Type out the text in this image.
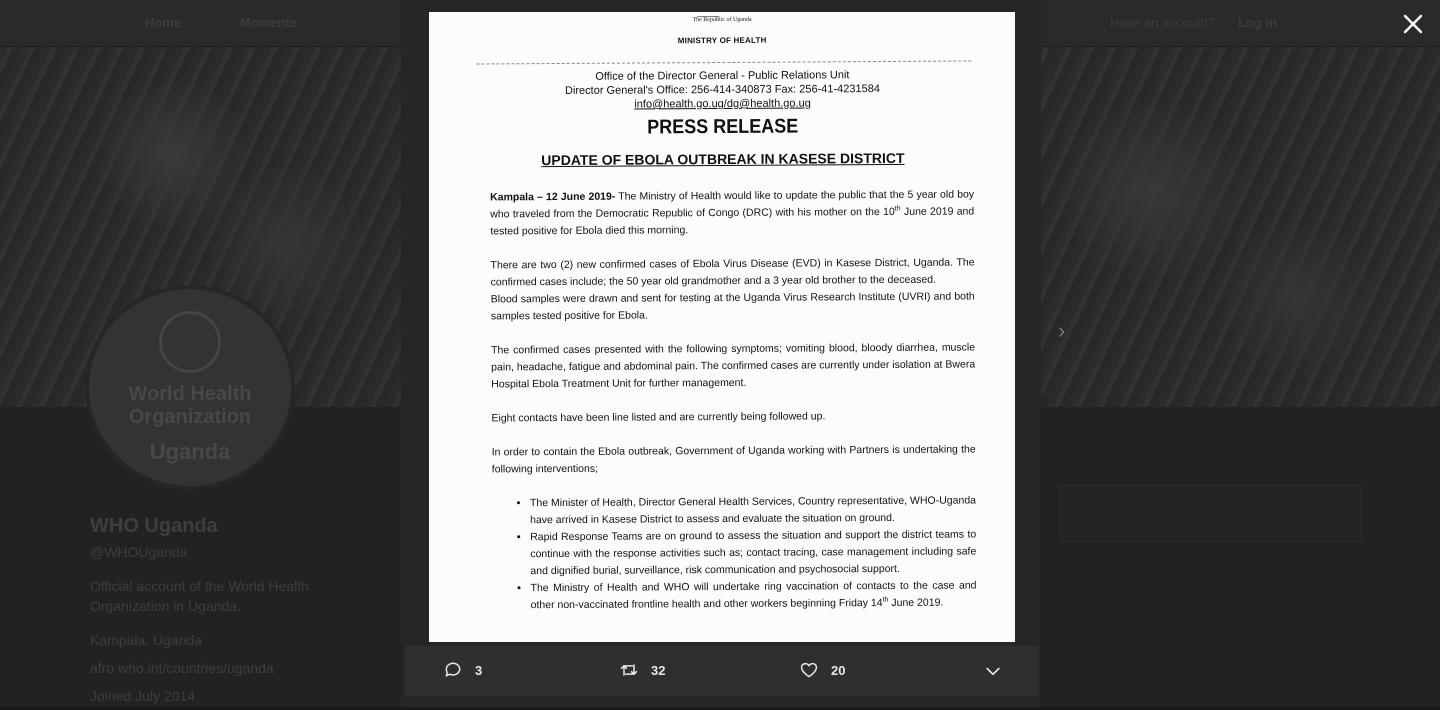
Home	Moments	Have an account? Log in
World Health Organization
Uganda
WHO Uganda
@WHOUganda
Official account of the World Health Organization in Uganda.
Kampala, Uganda
afro.who.int/countries/uganda
Joined July 2014
The Republic of Uganda
MINISTRY OF HEALTH
Office of the Director General - Public Relations Unit
Director General's Office: 256-414-340873 Fax: 256-41-4231584
info@health.go.ug/dg@health.go.ug
PRESS RELEASE
UPDATE OF EBOLA OUTBREAK IN KASESE DISTRICT

Kampala – 12 June 2019- The Ministry of Health would like to update the public that the 5 year old boy who traveled from the Democratic Republic of Congo (DRC) with his mother on the 10th June 2019 and tested positive for Ebola died this morning.

There are two (2) new confirmed cases of Ebola Virus Disease (EVD) in Kasese District, Uganda. The confirmed cases include; the 50 year old grandmother and a 3 year old brother to the deceased.

Blood samples were drawn and sent for testing at the Uganda Virus Research Institute (UVRI) and both samples tested positive for Ebola.

The confirmed cases presented with the following symptoms; vomiting blood, bloody diarrhea, muscle pain, headache, fatigue and abdominal pain. The confirmed cases are currently under isolation at Bwera Hospital Ebola Treatment Unit for further management.

Eight contacts have been line listed and are currently being followed up.

In order to contain the Ebola outbreak, Government of Uganda working with Partners is undertaking the following interventions;

• The Minister of Health, Director General Health Services, Country representative, WHO-Uganda have arrived in Kasese District to assess and evaluate the situation on ground.
• Rapid Response Teams are on ground to assess the situation and support the district teams to continue with the response activities such as; contact tracing, case management including safe and dignified burial, surveillance, risk communication and psychosocial support.
• The Ministry of Health and WHO will undertake ring vaccination of contacts to the case and other non-vaccinated frontline health and other workers beginning Friday 14th June 2019.
›
3	32	20
